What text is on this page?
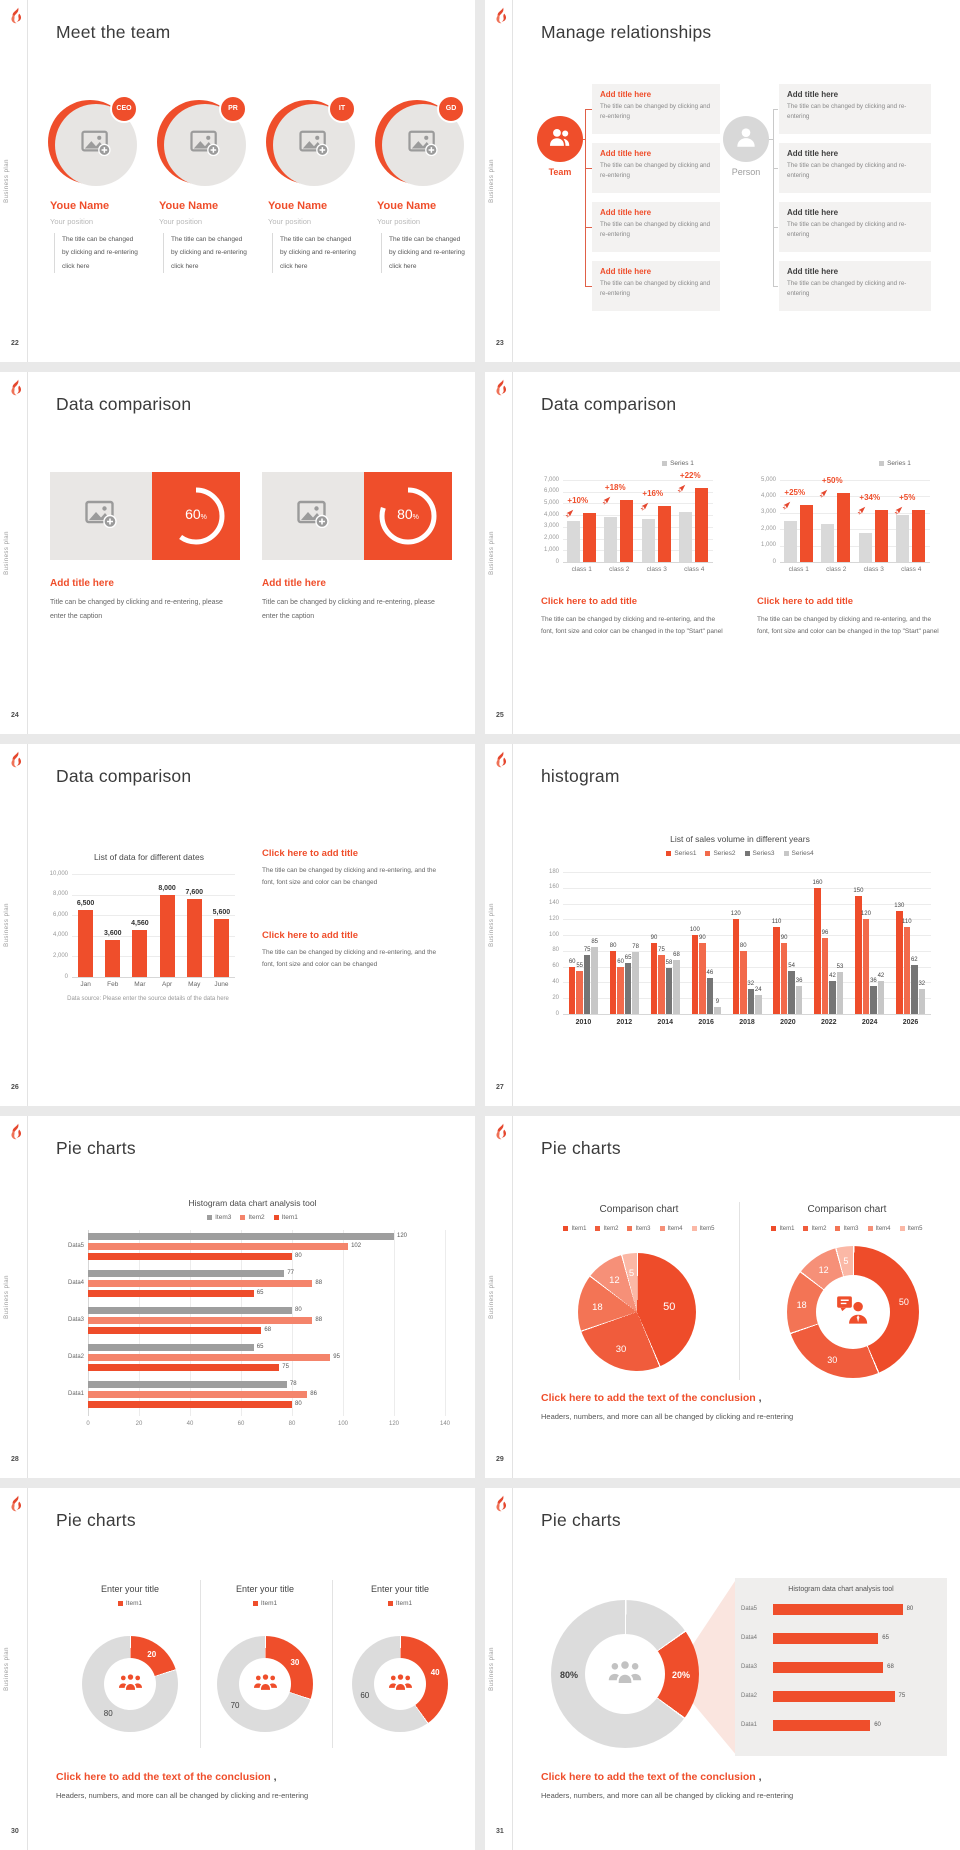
Business plan
Meet the team
22
CEO
Youe Name
Your position
The title can be changed by clicking and re-entering click here
PR
Youe Name
Your position
The title can be changed by clicking and re-entering click here
IT
Youe Name
Your position
The title can be changed by clicking and re-entering click here
GD
Youe Name
Your position
The title can be changed by clicking and re-entering click here
Business plan
Manage relationships
23
Team	Person
Add title here
The title can be changed by clicking and re-entering
Add title here
The title can be changed by clicking and re-entering
Add title here
The title can be changed by clicking and re-entering
Add title here
The title can be changed by clicking and re-entering
Add title here
The title can be changed by clicking and re-entering
Add title here
The title can be changed by clicking and re-entering
Add title here
The title can be changed by clicking and re-entering
Add title here
The title can be changed by clicking and re-entering
Business plan
Data comparison
24
60%
Add title here
Title can be changed by clicking and re-entering, please enter the caption
80%
Add title here
Title can be changed by clicking and re-entering, please enter the caption
Business plan
Data comparison
25
Series 1
0
1,000
2,000
3,000
4,000
5,000
6,000
7,000
+10%
class 1
+18%
class 2
+16%
class 3
+22%
class 4
Click here to add title
The title can be changed by clicking and re-entering, and the font, font size and color can be changed in the top "Start" panel
Series 1
0
1,000
2,000
3,000
4,000
5,000
+25%
class 1
+50%
class 2
+34%
class 3
+5%
class 4
Click here to add title
The title can be changed by clicking and re-entering, and the font, font size and color can be changed in the top "Start" panel
Business plan
Data comparison
26
List of data for different dates
0
2,000
4,000
6,000
8,000
10,000
6,500
Jan
3,600
Feb
4,560
Mar
8,000
Apr
7,600
May
5,600
June
Data source: Please enter the source details of the data here
Click here to add title
The title can be changed by clicking and re-entering, and the font, font size and color can be changed
Click here to add title
The title can be changed by clicking and re-entering, and the font, font size and color can be changed
Business plan
histogram
27
List of sales volume in different years
Series1	Series2	Series3	Series4
0
20
40
60
80
100
120
140
160
180
60
55
75
85
2010
80
60
65
78
2012
90
75
58
68
2014
100
90
46
9
2016
120
80
32
24
2018
110
90
54
36
2020
160
96
42
53
2022
150
120
36
42
2024
130
110
62
32
2026
Business plan
Pie charts
28
Histogram data chart analysis tool
Item3	Item2	Item1
0	20	40	60	80	100	120	140
Data5
120
102
80
Data4
77
88
65
Data3
80
88
68
Data2
65
95
75
Data1
78
86
80
Business plan
Pie charts
29
Comparison chart	Comparison chart
Item1	Item2	Item3	Item4	Item5	Item1	Item2	Item3	Item4	Item5
50
30
18
12
5
50
30
18
12
5
Click here to add the text of the conclusion ,
Headers, numbers, and more can all be changed by clicking and re-entering
Business plan
Pie charts
30
Enter your title
Item1
20
80
Enter your title
Item1
30
70
Enter your title
Item1
40
60
Click here to add the text of the conclusion ,
Headers, numbers, and more can all be changed by clicking and re-entering
Business plan
Pie charts
31
20%
80%
Histogram data chart analysis tool
Data5	80
Data4	65
Data3	68
Data2	75
Data1	60
Click here to add the text of the conclusion ,
Headers, numbers, and more can all be changed by clicking and re-entering
